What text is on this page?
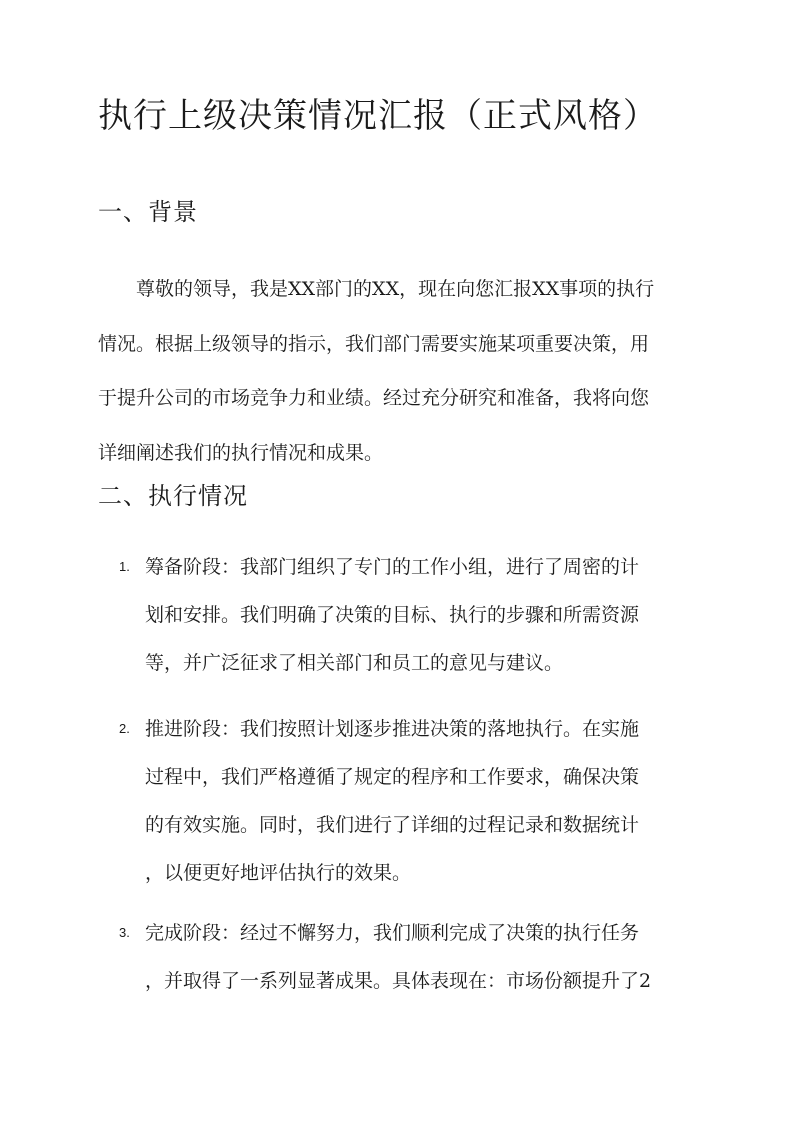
执行上级决策情况汇报（正式风格）
一、背景

尊敬的领导，我是XX部门的XX，现在向您汇报XX事项的执行
情况。根据上级领导的指示，我们部门需要实施某项重要决策，用
于提升公司的市场竞争力和业绩。经过充分研究和准备，我将向您
详细阐述我们的执行情况和成果。

二、执行情况
1. 筹备阶段：我部门组织了专门的工作小组，进行了周密的计
划和安排。我们明确了决策的目标、执行的步骤和所需资源
等，并广泛征求了相关部门和员工的意见与建议。
2. 推进阶段：我们按照计划逐步推进决策的落地执行。在实施
过程中，我们严格遵循了规定的程序和工作要求，确保决策
的有效实施。同时，我们进行了详细的过程记录和数据统计
，以便更好地评估执行的效果。
3. 完成阶段：经过不懈努力，我们顺利完成了决策的执行任务
，并取得了一系列显著成果。具体表现在：市场份额提升了2
